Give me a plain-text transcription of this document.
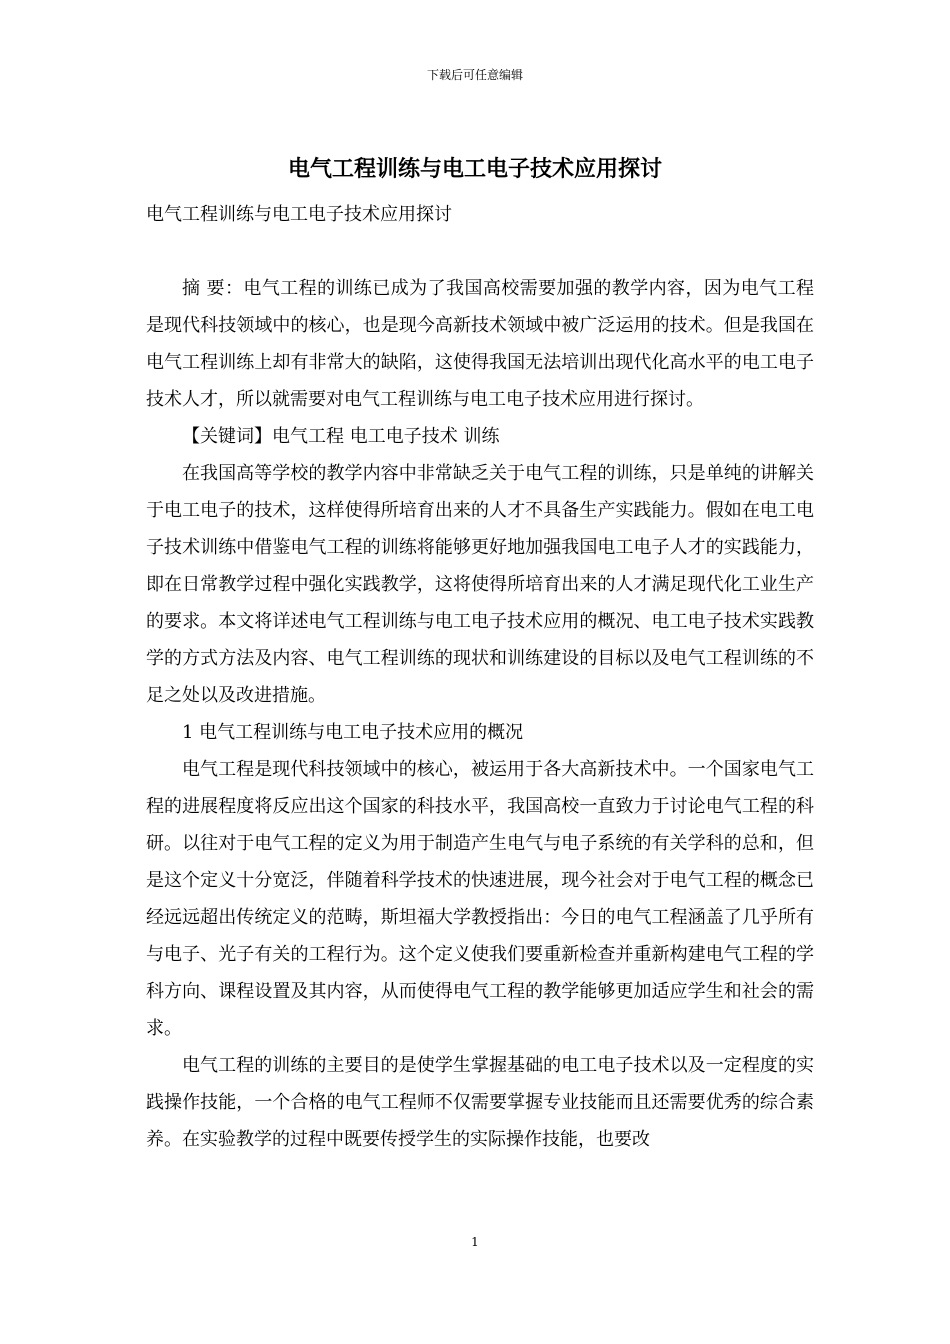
下载后可任意编辑
电气工程训练与电工电子技术应用探讨

电气工程训练与电工电子技术应用探讨

摘 要：电气工程的训练已成为了我国高校需要加强的教学内容，因为电气工程是现代科技领域中的核心，也是现今高新技术领域中被广泛运用的技术。但是我国在电气工程训练上却有非常大的缺陷，这使得我国无法培训出现代化高水平的电工电子技术人才，所以就需要对电气工程训练与电工电子技术应用进行探讨。

【关键词】电气工程 电工电子技术 训练

在我国高等学校的教学内容中非常缺乏关于电气工程的训练，只是单纯的讲解关于电工电子的技术，这样使得所培育出来的人才不具备生产实践能力。假如在电工电子技术训练中借鉴电气工程的训练将能够更好地加强我国电工电子人才的实践能力，即在日常教学过程中强化实践教学，这将使得所培育出来的人才满足现代化工业生产的要求。本文将详述电气工程训练与电工电子技术应用的概况、电工电子技术实践教学的方式方法及内容、电气工程训练的现状和训练建设的目标以及电气工程训练的不足之处以及改进措施。

1 电气工程训练与电工电子技术应用的概况

电气工程是现代科技领域中的核心，被运用于各大高新技术中。一个国家电气工程的进展程度将反应出这个国家的科技水平，我国高校一直致力于讨论电气工程的科研。以往对于电气工程的定义为用于制造产生电气与电子系统的有关学科的总和，但是这个定义十分宽泛，伴随着科学技术的快速进展，现今社会对于电气工程的概念已经远远超出传统定义的范畴，斯坦福大学教授指出：今日的电气工程涵盖了几乎所有与电子、光子有关的工程行为。这个定义使我们要重新检查并重新构建电气工程的学科方向、课程设置及其内容，从而使得电气工程的教学能够更加适应学生和社会的需求。

电气工程的训练的主要目的是使学生掌握基础的电工电子技术以及一定程度的实践操作技能，一个合格的电气工程师不仅需要掌握专业技能而且还需要优秀的综合素养。在实验教学的过程中既要传授学生的实际操作技能，也要改

1
